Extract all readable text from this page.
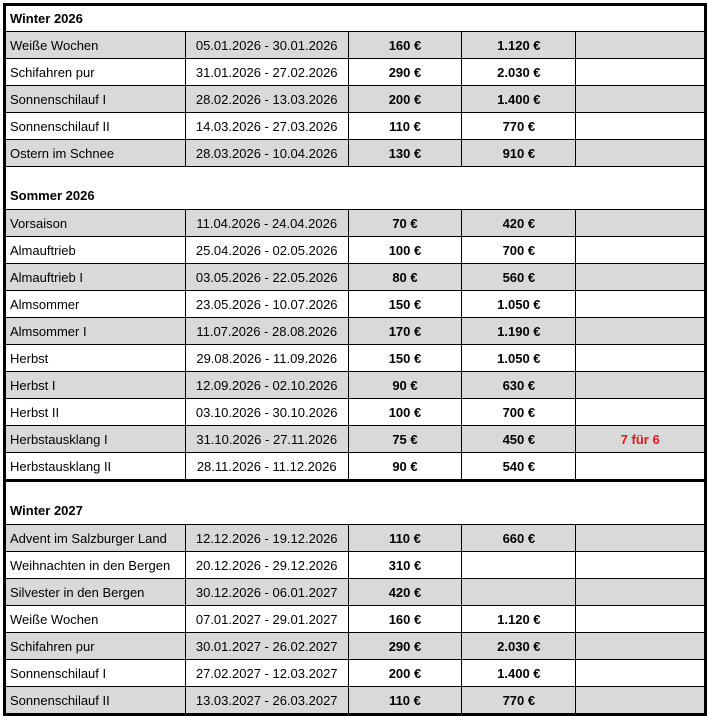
Winter 2026				
Weiße Wochen	05.01.2026 - 30.01.2026	160 €	1.120 €	
Schifahren pur	31.01.2026 - 27.02.2026	290 €	2.030 €	
Sonnenschilauf I	28.02.2026 - 13.03.2026	200 €	1.400 €	
Sonnenschilauf II	14.03.2026 - 27.03.2026	110 €	770 €	
Ostern im Schnee	28.03.2026 - 10.04.2026	130 €	910 €	
Sommer 2026				
Vorsaison	11.04.2026 - 24.04.2026	70 €	420 €	
Almauftrieb	25.04.2026 - 02.05.2026	100 €	700 €	
Almauftrieb I	03.05.2026 - 22.05.2026	80 €	560 €	
Almsommer	23.05.2026 - 10.07.2026	150 €	1.050 €	
Almsommer I	11.07.2026 - 28.08.2026	170 €	1.190 €	
Herbst	29.08.2026 - 11.09.2026	150 €	1.050 €	
Herbst I	12.09.2026 - 02.10.2026	90 €	630 €	
Herbst II	03.10.2026 - 30.10.2026	100 €	700 €	
Herbstausklang I	31.10.2026 - 27.11.2026	75 €	450 €	7 für 6
Herbstausklang II	28.11.2026 - 11.12.2026	90 €	540 €	
Winter 2027				
Advent im Salzburger Land	12.12.2026 - 19.12.2026	110 €	660 €	
Weihnachten in den Bergen	20.12.2026 - 29.12.2026	310 €		
Silvester in den Bergen	30.12.2026 - 06.01.2027	420 €		
Weiße Wochen	07.01.2027 - 29.01.2027	160 €	1.120 €	
Schifahren pur	30.01.2027 - 26.02.2027	290 €	2.030 €	
Sonnenschilauf I	27.02.2027 - 12.03.2027	200 €	1.400 €	
Sonnenschilauf II	13.03.2027 - 26.03.2027	110 €	770 €	
